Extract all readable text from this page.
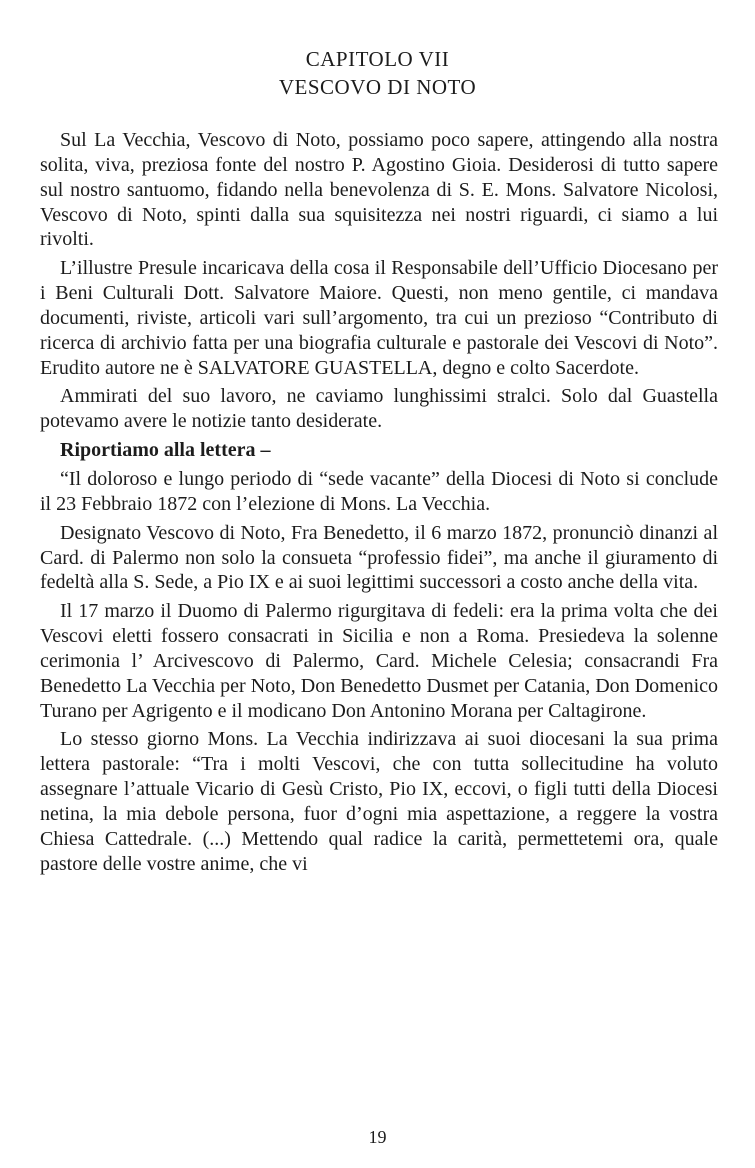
CAPITOLO VII
VESCOVO DI NOTO

Sul La Vecchia, Vescovo di Noto, possiamo poco sapere, attingendo alla nostra solita, viva, preziosa fonte del nostro P. Agostino Gioia. Desiderosi di tutto sapere sul nostro santuomo, fidando nella benevolenza di S. E. Mons. Salvatore Nicolosi, Vescovo di Noto, spinti dalla sua squisitezza nei nostri riguardi, ci siamo a lui rivolti.

L’illustre Presule incaricava della cosa il Responsabile dell’Ufficio Diocesano per i Beni Culturali Dott. Salvatore Maiore. Questi, non meno gentile, ci mandava documenti, riviste, articoli vari sull’argomento, tra cui un prezioso “Contributo di ricerca di archivio fatta per una biografia culturale e pastorale dei Vescovi di Noto”. Erudito autore ne è SALVATORE GUASTELLA, degno e colto Sacerdote.

Ammirati del suo lavoro, ne caviamo lunghissimi stralci. Solo dal Guastella potevamo avere le notizie tanto desiderate.

Riportiamo alla lettera –

“Il doloroso e lungo periodo di “sede vacante” della Diocesi di Noto si conclude il 23 Febbraio 1872 con l’elezione di Mons. La Vecchia.

Designato Vescovo di Noto, Fra Benedetto, il 6 marzo 1872, pronunciò dinanzi al Card. di Palermo non solo la consueta “professio fidei”, ma anche il giuramento di fedeltà alla S. Sede, a Pio IX e ai suoi legittimi successori a costo anche della vita.

Il 17 marzo il Duomo di Palermo rigurgitava di fedeli: era la prima volta che dei Vescovi eletti fossero consacrati in Sicilia e non a Roma. Presiedeva la solenne cerimonia l’ Arcivescovo di Palermo, Card. Michele Celesia; consacrandi Fra Benedetto La Vecchia per Noto, Don Benedetto Dusmet per Catania, Don Domenico Turano per Agrigento e il modicano Don Antonino Morana per Caltagirone.

Lo stesso giorno Mons. La Vecchia indirizzava ai suoi diocesani la sua prima lettera pastorale: “Tra i molti Vescovi, che con tutta sollecitudine ha voluto assegnare l’attuale Vicario di Gesù Cristo, Pio IX, eccovi, o figli tutti della Diocesi netina, la mia debole persona, fuor d’ogni mia aspettazione, a reggere la vostra Chiesa Cattedrale. (...) Mettendo qual radice la carità, permettetemi ora, quale pastore delle vostre anime, che vi

19
